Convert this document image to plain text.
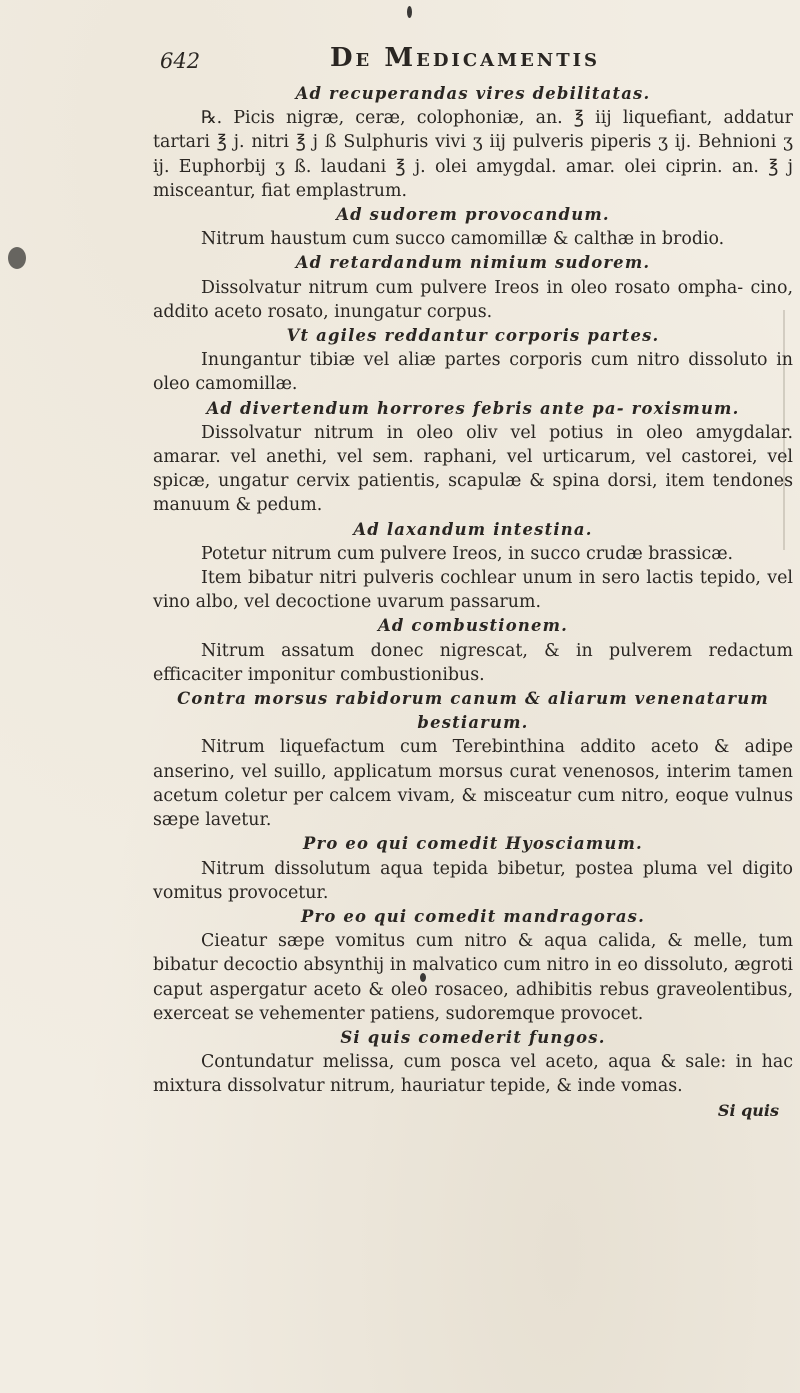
642	De Medicamentis

Ad recuperandas vires debilitatas.

℞. Picis nigræ, ceræ, colophoniæ, an. ℥ iij liquefiant, addatur tartari ℥ j. nitri ℥ j ß Sulphuris vivi ʒ iij pulveris piperis ʒ ij. Behnioni ʒ ij. Euphorbij ʒ ß. laudani ℥ j. olei amygdal. amar. olei ciprin. an. ℥ j misceantur, fiat emplastrum.

Ad sudorem provocandum.

Nitrum haustum cum succo camomillæ & calthæ in brodio.

Ad retardandum nimium sudorem.

Dissolvatur nitrum cum pulvere Ireos in oleo rosato ompha- cino, addito aceto rosato, inungatur corpus.

Vt agiles reddantur corporis partes.

Inungantur tibiæ vel aliæ partes corporis cum nitro dissoluto in oleo camomillæ.

Ad divertendum horrores febris ante pa- roxismum.

Dissolvatur nitrum in oleo oliv vel potius in oleo amygdalar. amarar. vel anethi, vel sem. raphani, vel urticarum, vel castorei, vel spicæ, ungatur cervix patientis, scapulæ & spina dorsi, item tendones manuum & pedum.

Ad laxandum intestina.

Potetur nitrum cum pulvere Ireos, in succo crudæ brassicæ.

Item bibatur nitri pulveris cochlear unum in sero lactis tepido, vel vino albo, vel decoctione uvarum passarum.

Ad combustionem.

Nitrum assatum donec nigrescat, & in pulverem redactum efficaciter imponitur combustionibus.

Contra morsus rabidorum canum & aliarum venenatarum bestiarum.

Nitrum liquefactum cum Terebinthina addito aceto & adipe anserino, vel suillo, applicatum morsus curat venenosos, interim tamen acetum coletur per calcem vivam, & misceatur cum nitro, eoque vulnus sæpe lavetur.

Pro eo qui comedit Hyosciamum.

Nitrum dissolutum aqua tepida bibetur, postea pluma vel digito vomitus provocetur.

Pro eo qui comedit mandragoras.

Cieatur sæpe vomitus cum nitro & aqua calida, & melle, tum bibatur decoctio absynthij in malvatico cum nitro in eo dissoluto, ægroti caput aspergatur aceto & oleo rosaceo, adhibitis rebus graveolentibus, exerceat se vehementer patiens, sudoremque provocet.

Si quis comederit fungos.

Contundatur melissa, cum posca vel aceto, aqua & sale: in hac mixtura dissolvatur nitrum, hauriatur tepide, & inde vomas.

Si quis
